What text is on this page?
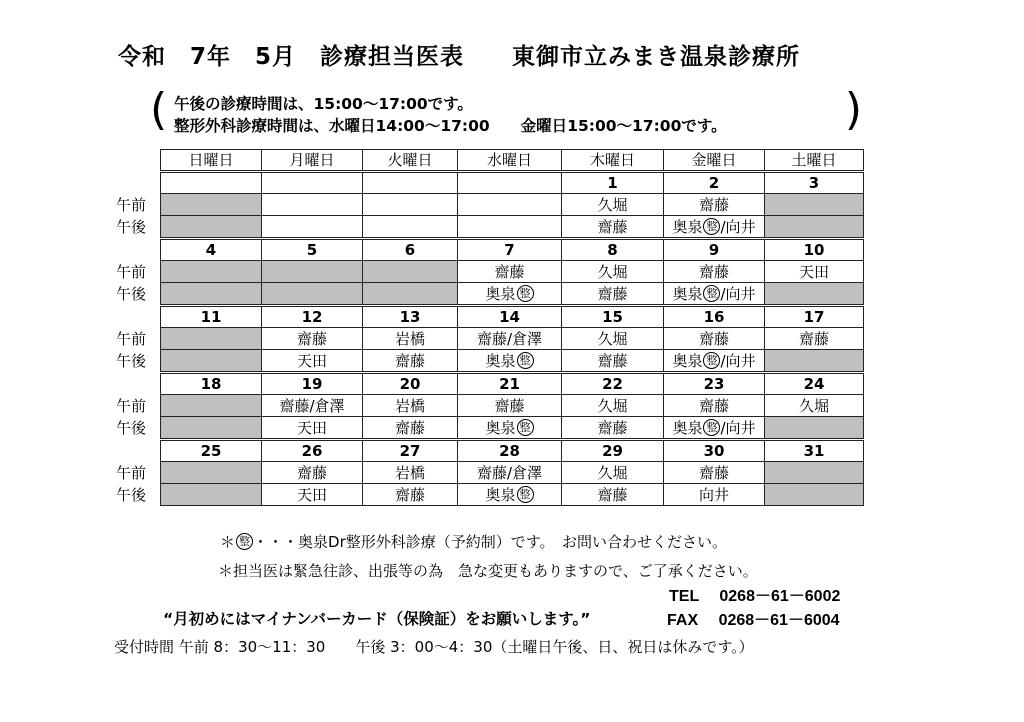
令和　7年　5月　診療担当医表　　東御市立みまき温泉診療所
(	)
午後の診療時間は、15:00～17:00です。
整形外科診療時間は、水曜日14:00～17:00　　金曜日15:00～17:00です。
日曜日	月曜日	火曜日	水曜日	木曜日	金曜日	土曜日
				1	2	3
				久堀	齋藤	
				齋藤	奥泉 整 /向井	
4	5	6	7	8	9	10
			齋藤	久堀	齋藤	天田
			奥泉 整	齋藤	奥泉 整 /向井	
11	12	13	14	15	16	17
	齋藤	岩橋	齋藤/倉澤	久堀	齋藤	齋藤
	天田	齋藤	奥泉 整	齋藤	奥泉 整 /向井	
18	19	20	21	22	23	24
	齋藤/倉澤	岩橋	齋藤	久堀	齋藤	久堀
	天田	齋藤	奥泉 整	齋藤	奥泉 整 /向井	
25	26	27	28	29	30	31
	齋藤	岩橋	齋藤/倉澤	久堀	齋藤	
	天田	齋藤	奥泉 整	齋藤	向井	
午前
午後
午前
午後
午前
午後
午前
午後
午前
午後
＊ 整 ・・・奥泉Dr整形外科診療（予約制）です。　お問い合わせください。
＊担当医は緊急往診、出張等の為　急な変更もありますので、ご了承ください。
TEL　 0268－61－6002
“月初めにはマイナンバーカード（保険証）をお願いします。”	FAX　 0268－61－6004
受付時間 午前 8：30～11：30　　午後 3：00～4：30（土曜日午後、日、祝日は休みです。）
